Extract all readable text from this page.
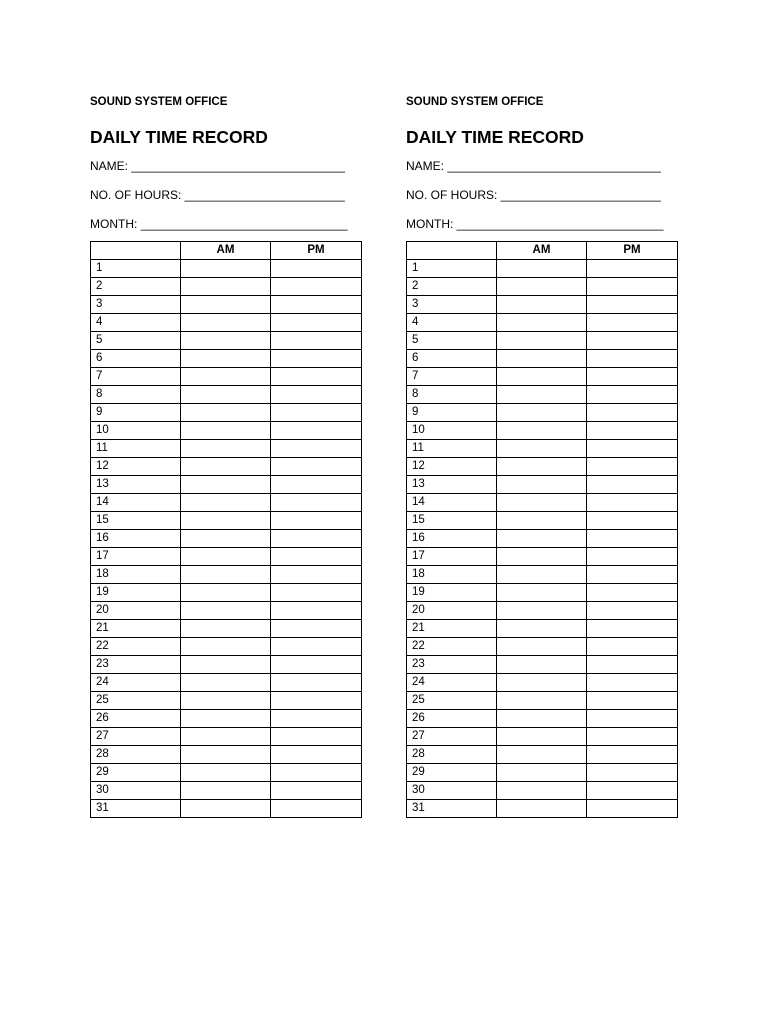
SOUND SYSTEM OFFICE
DAILY TIME RECORD
NAME: ________________________________
NO. OF HOURS: ________________________
MONTH: _______________________________
	AM	PM
1		
2		
3		
4		
5		
6		
7		
8		
9		
10		
11		
12		
13		
14		
15		
16		
17		
18		
19		
20		
21		
22		
23		
24		
25		
26		
27		
28		
29		
30		
31		
SOUND SYSTEM OFFICE
DAILY TIME RECORD
NAME: ________________________________
NO. OF HOURS: ________________________
MONTH: _______________________________
	AM	PM
1		
2		
3		
4		
5		
6		
7		
8		
9		
10		
11		
12		
13		
14		
15		
16		
17		
18		
19		
20		
21		
22		
23		
24		
25		
26		
27		
28		
29		
30		
31		
